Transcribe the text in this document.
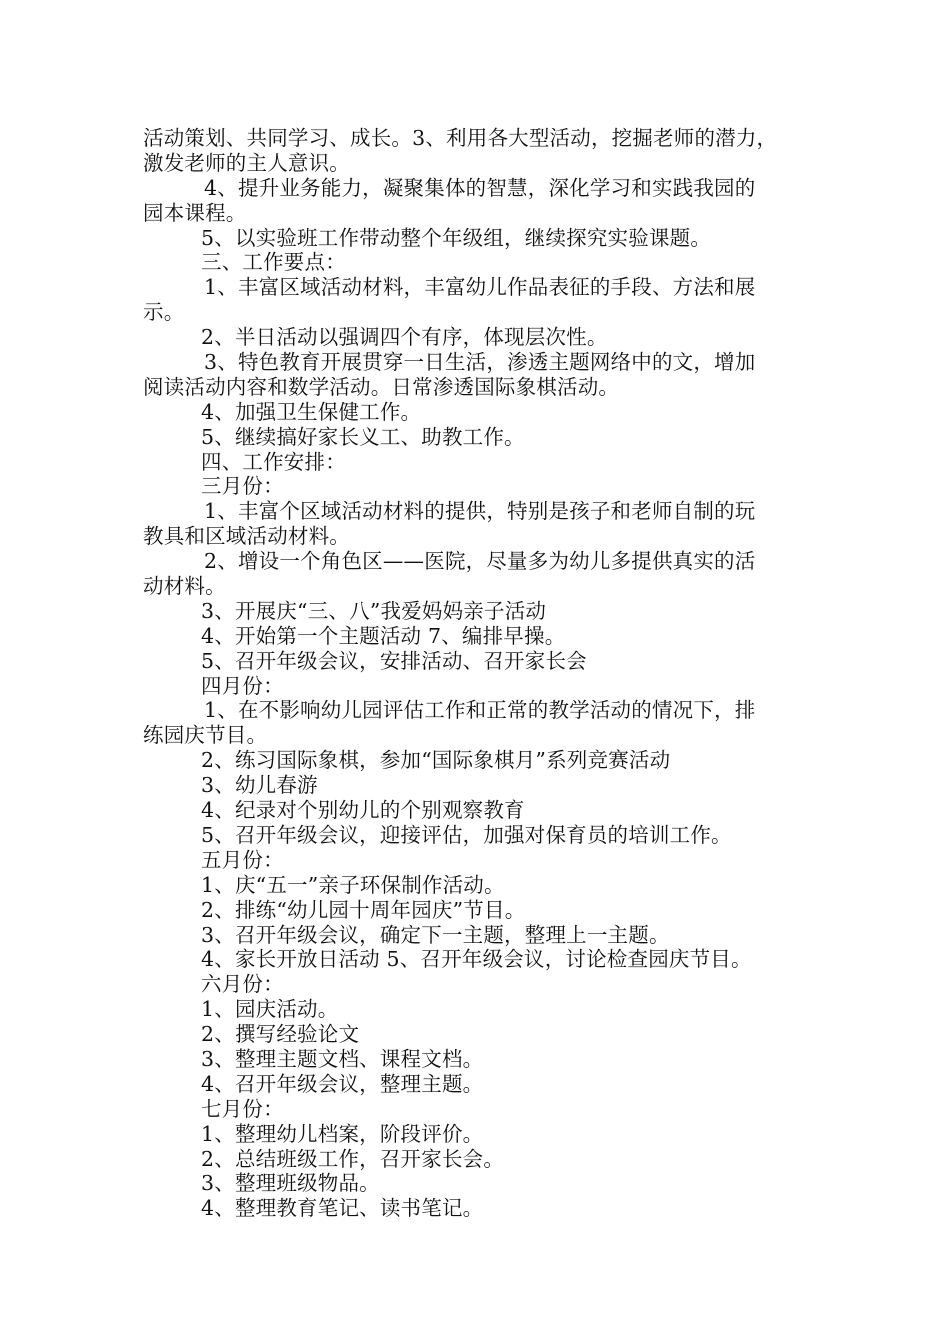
活动策划、共同学习、成长。3、利用各大型活动，挖掘老师的潜力，
激发老师的主人意识。
4、提升业务能力，凝聚集体的智慧，深化学习和实践我园的
园本课程。
5、以实验班工作带动整个年级组，继续探究实验课题。
三、工作要点：
1、丰富区域活动材料，丰富幼儿作品表征的手段、方法和展
示。
2、半日活动以强调四个有序，体现层次性。
3、特色教育开展贯穿一日生活，渗透主题网络中的文，增加
阅读活动内容和数学活动。日常渗透国际象棋活动。
4、加强卫生保健工作。
5、继续搞好家长义工、助教工作。
四、工作安排：
三月份：
1、丰富个区域活动材料的提供，特别是孩子和老师自制的玩
教具和区域活动材料。
2、增设一个角色区——医院，尽量多为幼儿多提供真实的活
动材料。
3、开展庆“三、八”我爱妈妈亲子活动
4、开始第一个主题活动 7、编排早操。
5、召开年级会议，安排活动、召开家长会
四月份：
1、在不影响幼儿园评估工作和正常的教学活动的情况下，排
练园庆节目。
2、练习国际象棋，参加“国际象棋月”系列竞赛活动
3、幼儿春游
4、纪录对个别幼儿的个别观察教育
5、召开年级会议，迎接评估，加强对保育员的培训工作。
五月份：
1、庆“五一”亲子环保制作活动。
2、排练“幼儿园十周年园庆”节目。
3、召开年级会议，确定下一主题，整理上一主题。
4、家长开放日活动 5、召开年级会议，讨论检查园庆节目。
六月份：
1、园庆活动。
2、撰写经验论文
3、整理主题文档、课程文档。
4、召开年级会议，整理主题。
七月份：
1、整理幼儿档案，阶段评价。
2、总结班级工作，召开家长会。
3、整理班级物品。
4、整理教育笔记、读书笔记。
